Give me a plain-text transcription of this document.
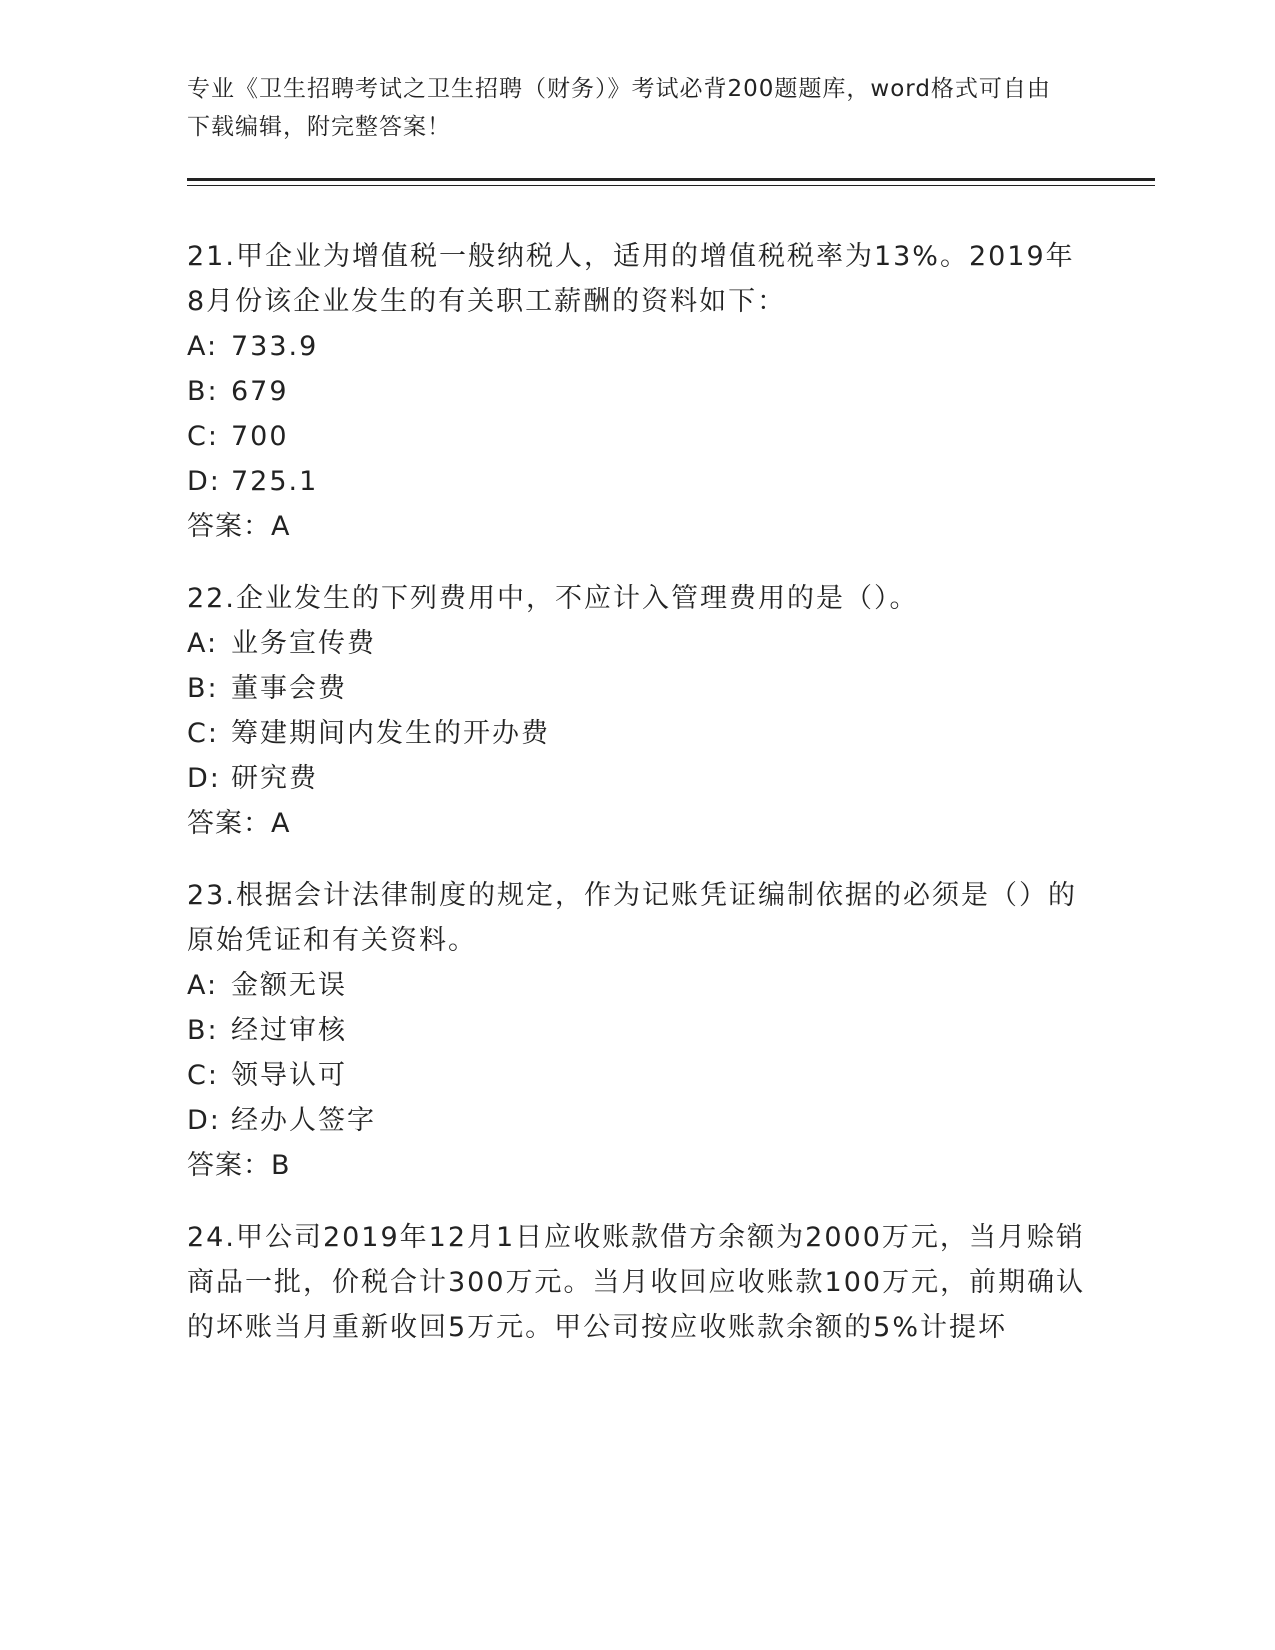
专业《卫生招聘考试之卫生招聘（财务）》考试必背200题题库，word格式可自由下载编辑，附完整答案！

21.甲企业为增值税一般纳税人，适用的增值税税率为13%。2019年8月份该企业发生的有关职工薪酬的资料如下：

A: 733.9

B: 679

C: 700

D: 725.1

答案：A

22.企业发生的下列费用中，不应计入管理费用的是（）。

A: 业务宣传费

B: 董事会费

C: 筹建期间内发生的开办费

D: 研究费

答案：A

23.根据会计法律制度的规定，作为记账凭证编制依据的必须是（）的原始凭证和有关资料。

A: 金额无误

B: 经过审核

C: 领导认可

D: 经办人签字

答案：B

24.甲公司2019年12月1日应收账款借方余额为2000万元，当月赊销商品一批，价税合计300万元。当月收回应收账款100万元，前期确认的坏账当月重新收回5万元。甲公司按应收账款余额的5%计提坏
